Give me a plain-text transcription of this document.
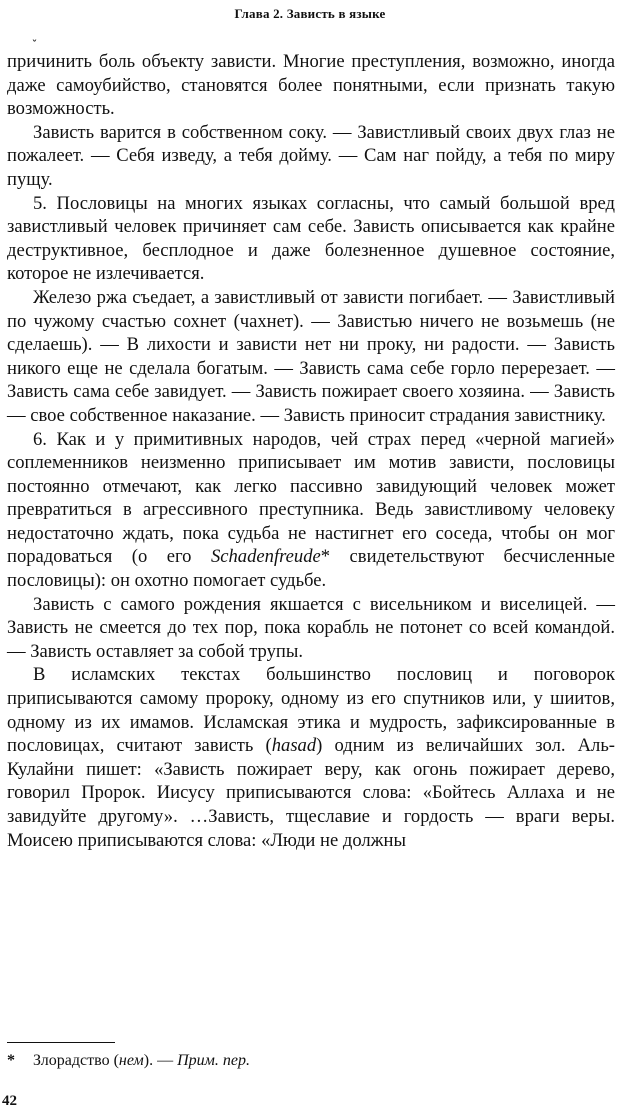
Глава 2. Зависть в языке
ˇ

причинить боль объекту зависти. Многие преступления, возможно, иногда даже самоубийство, становятся более понятными, если признать такую возможность.

Зависть варится в собственном соку. — Завистливый своих двух глаз не пожалеет. — Себя изведу, а тебя дойму. — Сам наг пойду, а тебя по миру пущу.

5. Пословицы на многих языках согласны, что самый большой вред завистливый человек причиняет сам себе. Зависть описывается как крайне деструктивное, бесплодное и даже болезненное душевное состояние, которое не излечивается.

Железо ржа съедает, а завистливый от зависти погибает. — Завистливый по чужому счастью сохнет (чахнет). — Завистью ничего не возьмешь (не сделаешь). — В лихости и зависти нет ни проку, ни радости. — Зависть никого еще не сделала богатым. — Зависть сама себе горло перерезает. — Зависть сама себе завидует. — Зависть пожирает своего хозяина. — Зависть — свое собственное наказание. — Зависть приносит страдания завистнику.

6. Как и у примитивных народов, чей страх перед «черной магией» соплеменников неизменно приписывает им мотив зависти, пословицы постоянно отмечают, как легко пассивно завидующий человек может превратиться в агрессивного преступника. Ведь завистливому человеку недостаточно ждать, пока судьба не настигнет его соседа, чтобы он мог порадоваться (о его Schadenfreude* свидетельствуют бесчисленные пословицы): он охотно помогает судьбе.

Зависть с самого рождения якшается с висельником и виселицей. — Зависть не смеется до тех пор, пока корабль не потонет со всей командой. — Зависть оставляет за собой трупы.

В исламских текстах большинство пословиц и поговорок приписываются самому пророку, одному из его спутников или, у шиитов, одному из их имамов. Исламская этика и мудрость, зафиксированные в пословицах, считают зависть (hasad) одним из величайших зол. Аль-Кулайни пишет: «Зависть пожирает веру, как огонь пожирает дерево, говорил Пророк. Иисусу приписываются слова: «Бойтесь Аллаха и не завидуйте другому». …Зависть, тщеславие и гордость — враги веры. Моисею приписываются слова: «Люди не должны

* Злорадство (нем). — Прим. пер.
42
